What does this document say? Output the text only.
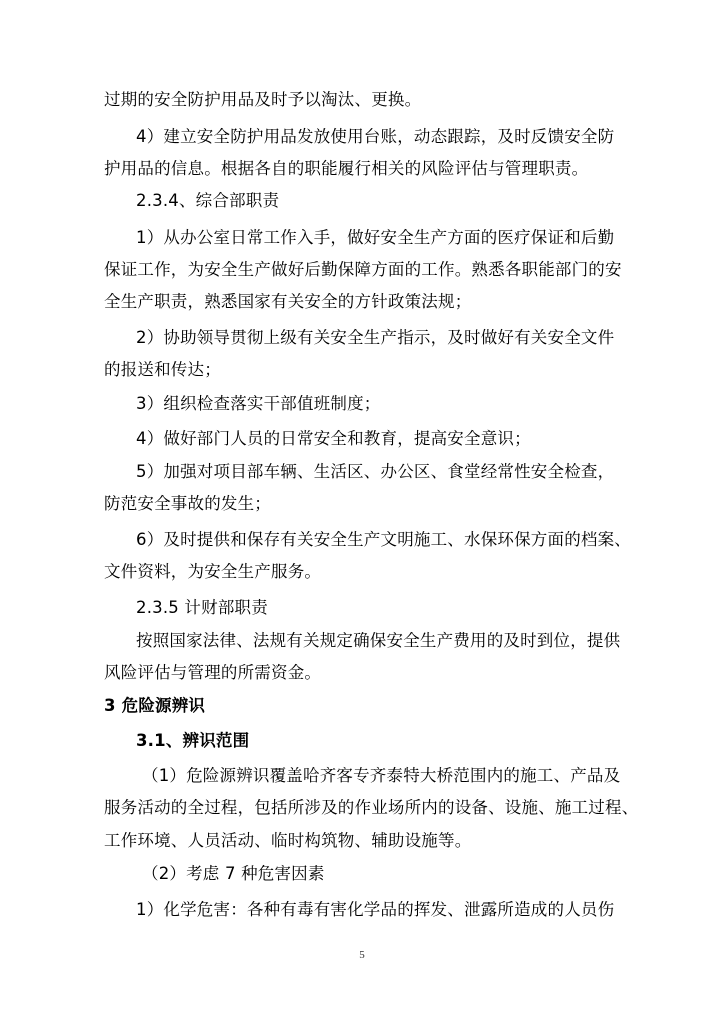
过期的安全防护用品及时予以淘汰、更换。
4）建立安全防护用品发放使用台账，动态跟踪，及时反馈安全防
护用品的信息。根据各自的职能履行相关的风险评估与管理职责。
2.3.4、综合部职责
1）从办公室日常工作入手，做好安全生产方面的医疗保证和后勤
保证工作，为安全生产做好后勤保障方面的工作。熟悉各职能部门的安
全生产职责，熟悉国家有关安全的方针政策法规；
2）协助领导贯彻上级有关安全生产指示，及时做好有关安全文件
的报送和传达；
3）组织检查落实干部值班制度；
4）做好部门人员的日常安全和教育，提高安全意识；
5）加强对项目部车辆、生活区、办公区、食堂经常性安全检查，
防范安全事故的发生；
6）及时提供和保存有关安全生产文明施工、水保环保方面的档案、
文件资料，为安全生产服务。
2.3.5 计财部职责
按照国家法律、法规有关规定确保安全生产费用的及时到位，提供
风险评估与管理的所需资金。
3 危险源辨识
3.1、辨识范围
（1）危险源辨识覆盖哈齐客专齐泰特大桥范围内的施工、产品及
服务活动的全过程，包括所涉及的作业场所内的设备、设施、施工过程、
工作环境、人员活动、临时构筑物、辅助设施等。
（2）考虑 7 种危害因素
1）化学危害：各种有毒有害化学品的挥发、泄露所造成的人员伤
5
